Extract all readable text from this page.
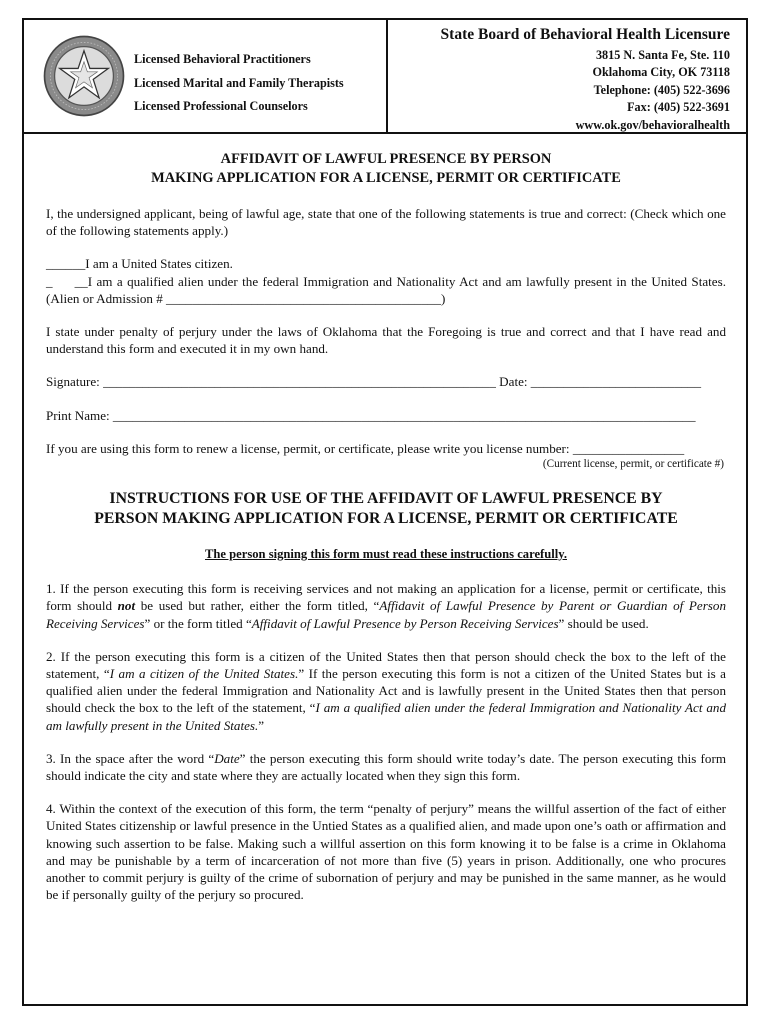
Licensed Behavioral Practitioners
Licensed Marital and Family Therapists
Licensed Professional Counselors
State Board of Behavioral Health Licensure
3815 N. Santa Fe, Ste. 110
Oklahoma City, OK 73118
Telephone: (405) 522-3696
Fax: (405) 522-3691
www.ok.gov/behavioralhealth

AFFIDAVIT OF LAWFUL PRESENCE BY PERSON

MAKING APPLICATION FOR A LICENSE, PERMIT OR CERTIFICATE

I, the undersigned applicant, being of lawful age, state that one of the following statements is true and correct: (Check which one of the following statements apply.)

______I am a United States citizen.

_     __I am a qualified alien under the federal Immigration and Nationality Act and am lawfully present in the United States. (Alien or Admission # __________________________________________)

I state under penalty of perjury under the laws of Oklahoma that the Foregoing is true and correct and that I have read and understand this form and executed it in my own hand.

Signature: ____________________________________________________________ Date: __________________________

Print Name: _________________________________________________________________________________________

If you are using this form to renew a license, permit, or certificate, please write you license number: _________________

(Current license, permit, or certificate #)

INSTRUCTIONS FOR USE OF THE AFFIDAVIT OF LAWFUL PRESENCE BY

PERSON MAKING APPLICATION FOR A LICENSE, PERMIT OR CERTIFICATE

The person signing this form must read these instructions carefully.

1. If the person executing this form is receiving services and not making an application for a license, permit or certificate, this form should not be used but rather, either the form titled, “Affidavit of Lawful Presence by Parent or Guardian of Person Receiving Services” or the form titled “Affidavit of Lawful Presence by Person Receiving Services” should be used.

2. If the person executing this form is a citizen of the United States then that person should check the box to the left of the statement, “I am a citizen of the United States.” If the person executing this form is not a citizen of the United States but is a qualified alien under the federal Immigration and Nationality Act and is lawfully present in the United States then that person should check the box to the left of the statement, “I am a qualified alien under the federal Immigration and Nationality Act and am lawfully present in the United States.”

3. In the space after the word “Date” the person executing this form should write today’s date. The person executing this form should indicate the city and state where they are actually located when they sign this form.

4. Within the context of the execution of this form, the term “penalty of perjury” means the willful assertion of the fact of either United States citizenship or lawful presence in the Untied States as a qualified alien, and made upon one’s oath or affirmation and knowing such assertion to be false. Making such a willful assertion on this form knowing it to be false is a crime in Oklahoma and may be punishable by a term of incarceration of not more than five (5) years in prison. Additionally, one who procures another to commit perjury is guilty of the crime of subornation of perjury and may be punished in the same manner, as he would be if personally guilty of the perjury so procured.
